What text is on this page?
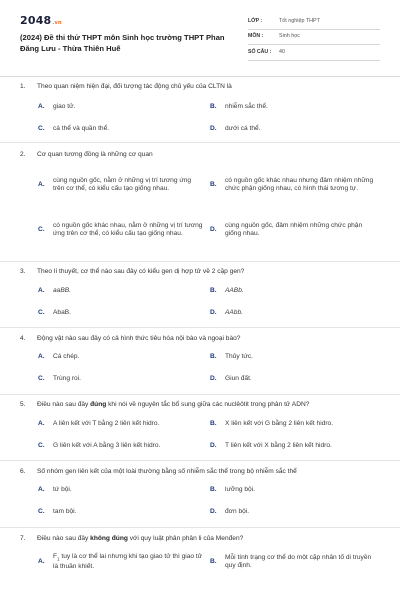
2048.vn
(2024) Đề thi thử THPT môn Sinh học trường THPT Phan
Đăng Lưu - Thừa Thiên Huế
LỚP :	Tốt nghiệp THPT
MÔN :	Sinh học
SỐ CÂU :	40
1.	Theo quan niệm hiện đại, đối tượng tác động chủ yếu của CLTN là
A.	giao tử.	B.	nhiễm sắc thể.
C.	cá thể và quần thể.	D.	dưới cá thể.
2.	Cơ quan tương đồng là những cơ quan
A.
cùng nguồn gốc, nằm ở những vị trí tương ứng trên cơ thể, có kiểu cấu tạo giống nhau.
B.
có nguồn gốc khác nhau nhưng đảm nhiệm những chức phận giống nhau, có hình thái tương tự.
C.
có nguồn gốc khác nhau, nằm ở những vị trí tương ứng trên cơ thể, có kiểu cấu tạo giống nhau.
D.
cùng nguồn gốc, đảm nhiệm những chức phận giống nhau.
3.	Theo lí thuyết, cơ thể nào sau đây có kiểu gen dị hợp tử về 2 cặp gen?
A.	aaBB.	B.	AABb.
C.	AbaB.	D.	AAbb.
4.	Động vật nào sau đây có cả hình thức tiêu hóa nội bào và ngoại bào?
A.	Cá chép.	B.	Thủy tức.
C.	Trùng roi.	D.	Giun đất.
5.	Điều nào sau đây đúng khi nói về nguyên tắc bổ sung giữa các nuclêôtit trong phân tử ADN?
A.	A liên kết với T bằng 2 liên kết hidro.	B.	X liên kết với G bằng 2 liên kết hidro.
C.	G liên kết với A bằng 3 liên kết hidro.	D.	T liên kết với X bằng 2 liên kết hidro.
6.	Số nhóm gen liên kết của một loài thường bằng số nhiễm sắc thể trong bộ nhiễm sắc thể
A.	tứ bội.	B.	lưỡng bội.
C.	tam bội.	D.	đơn bội.
7.	Điều nào sau đây không đúng với quy luật phân phân li của Menđen?
A.
$F_1$ tuy là cơ thể lai nhưng khi tạo giao tử thì giao tử là thuần khiết.
B.
Mỗi tính trạng cơ thể do một cặp nhân tố di truyền quy định.
